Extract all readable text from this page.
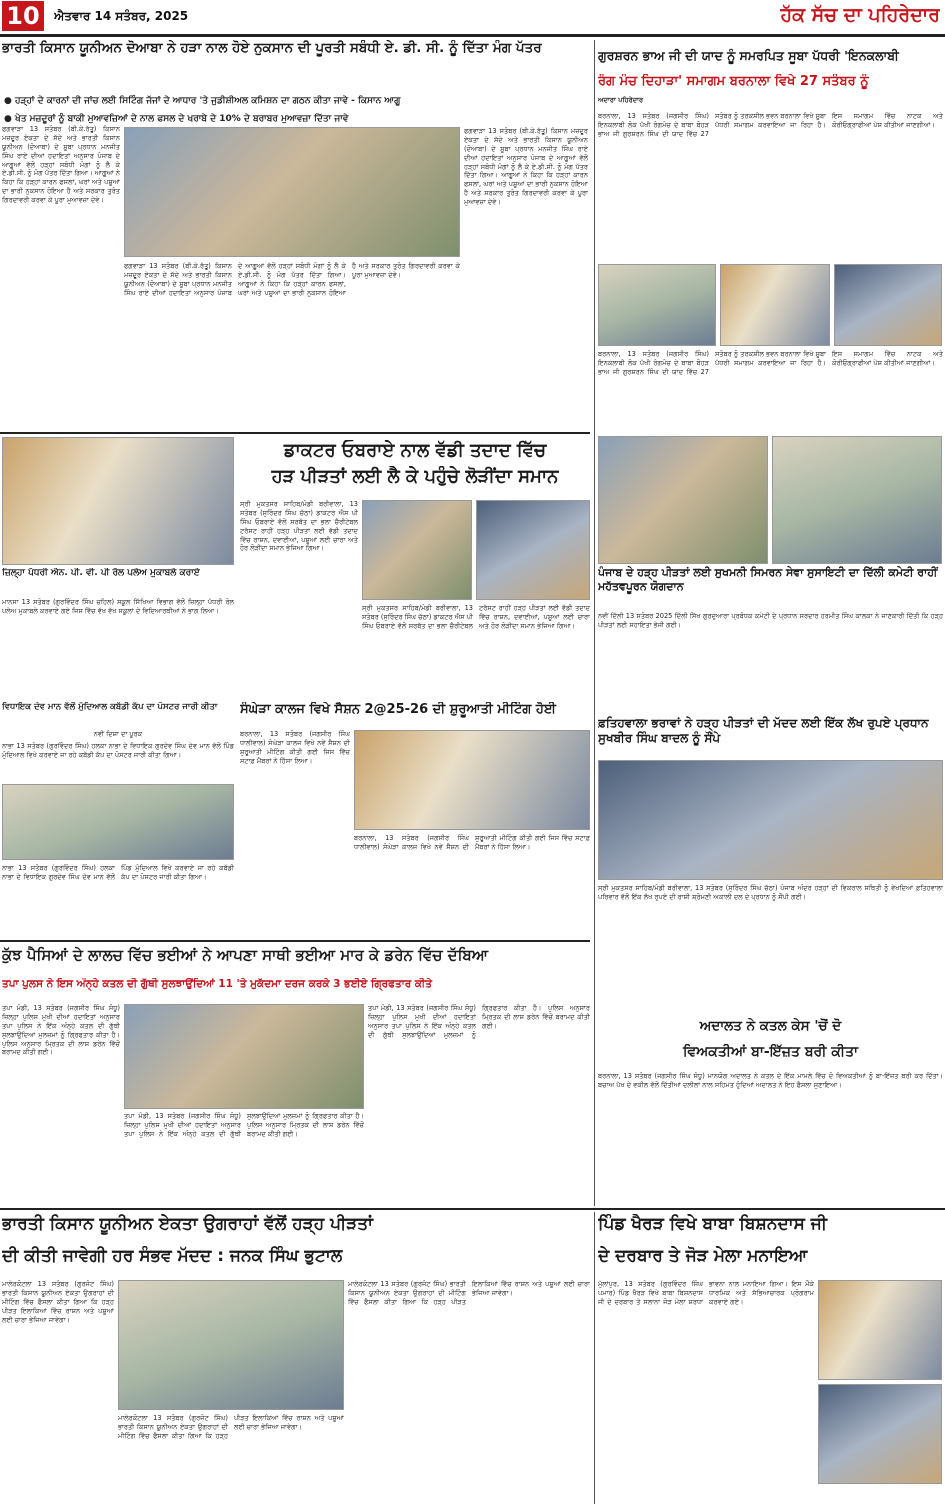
10	ਐਤਵਾਰ 14 ਸਤੰਬਰ, 2025	ਹੱਕ ਸੱਚ ਦਾ ਪਹਿਰੇਦਾਰ
ਭਾਰਤੀ ਕਿਸਾਨ ਯੂਨੀਅਨ ਦੋਆਬਾ ਨੇ ਹੜਾ ਨਾਲ ਹੋਏ ਨੁਕਸਾਨ ਦੀ ਪੂਰਤੀ ਸਬੰਧੀ ਏ. ਡੀ. ਸੀ. ਨੂੰ ਦਿੱਤਾ ਮੰਗ ਪੱਤਰ
● ਹੜ੍ਹਾਂ ਦੇ ਕਾਰਨਾਂ ਦੀ ਜਾਂਚ ਲਈ ਸਿਟਿੰਗ ਜੱਜਾਂ ਦੇ ਆਧਾਰ 'ਤੇ ਜੁਡੀਸ਼ੀਅਲ ਕਮਿਸ਼ਨ ਦਾ ਗਠਨ ਕੀਤਾ ਜਾਵੇ - ਕਿਸਾਨ ਆਗੂ
● ਖੇਤ ਮਜ਼ਦੂਰਾਂ ਨੂੰ ਬਾਕੀ ਮੁਆਵਜ਼ਿਆਂ ਦੇ ਨਾਲ ਫਸਲ ਦੇ ਖਰਾਬੇ ਦੇ 10% ਦੇ ਬਰਾਬਰ ਮੁਆਵਜ਼ਾ ਦਿੱਤਾ ਜਾਵੇ
ਫਗਵਾੜਾ 13 ਸਤੰਬਰ (ਬੀ.ਕੇ.ਰੱਤੂ) ਕਿਸਾਨ ਮਜ਼ਦੂਰ ਏਕਤਾ ਦੇ ਸੱਦੇ ਅਤੇ ਭਾਰਤੀ ਕਿਸਾਨ ਯੂਨੀਅਨ (ਦੋਆਬਾ) ਦੇ ਸੂਬਾ ਪ੍ਰਧਾਨ ਮਨਜੀਤ ਸਿੰਘ ਰਾਏ ਦੀਆਂ ਹਦਾਇਤਾਂ ਅਨੁਸਾਰ ਪੰਜਾਬ ਦੇ ਆਗੂਆਂ ਵੱਲੋਂ ਹੜ੍ਹਾਂ ਸਬੰਧੀ ਮੰਗਾਂ ਨੂੰ ਲੈ ਕੇ ਏ.ਡੀ.ਸੀ. ਨੂੰ ਮੰਗ ਪੱਤਰ ਦਿੱਤਾ ਗਿਆ। ਆਗੂਆਂ ਨੇ ਕਿਹਾ ਕਿ ਹੜ੍ਹਾਂ ਕਾਰਨ ਫਸਲਾਂ, ਘਰਾਂ ਅਤੇ ਪਸ਼ੂਆਂ ਦਾ ਭਾਰੀ ਨੁਕਸਾਨ ਹੋਇਆ ਹੈ ਅਤੇ ਸਰਕਾਰ ਤੁਰੰਤ ਗਿਰਦਾਵਰੀ ਕਰਵਾ ਕੇ ਪੂਰਾ ਮੁਆਵਜ਼ਾ ਦੇਵੇ।
ਫਗਵਾੜਾ 13 ਸਤੰਬਰ (ਬੀ.ਕੇ.ਰੱਤੂ) ਕਿਸਾਨ ਮਜ਼ਦੂਰ ਏਕਤਾ ਦੇ ਸੱਦੇ ਅਤੇ ਭਾਰਤੀ ਕਿਸਾਨ ਯੂਨੀਅਨ (ਦੋਆਬਾ) ਦੇ ਸੂਬਾ ਪ੍ਰਧਾਨ ਮਨਜੀਤ ਸਿੰਘ ਰਾਏ ਦੀਆਂ ਹਦਾਇਤਾਂ ਅਨੁਸਾਰ ਪੰਜਾਬ ਦੇ ਆਗੂਆਂ ਵੱਲੋਂ ਹੜ੍ਹਾਂ ਸਬੰਧੀ ਮੰਗਾਂ ਨੂੰ ਲੈ ਕੇ ਏ.ਡੀ.ਸੀ. ਨੂੰ ਮੰਗ ਪੱਤਰ ਦਿੱਤਾ ਗਿਆ। ਆਗੂਆਂ ਨੇ ਕਿਹਾ ਕਿ ਹੜ੍ਹਾਂ ਕਾਰਨ ਫਸਲਾਂ, ਘਰਾਂ ਅਤੇ ਪਸ਼ੂਆਂ ਦਾ ਭਾਰੀ ਨੁਕਸਾਨ ਹੋਇਆ ਹੈ ਅਤੇ ਸਰਕਾਰ ਤੁਰੰਤ ਗਿਰਦਾਵਰੀ ਕਰਵਾ ਕੇ ਪੂਰਾ ਮੁਆਵਜ਼ਾ ਦੇਵੇ।
ਫਗਵਾੜਾ 13 ਸਤੰਬਰ (ਬੀ.ਕੇ.ਰੱਤੂ) ਕਿਸਾਨ ਮਜ਼ਦੂਰ ਏਕਤਾ ਦੇ ਸੱਦੇ ਅਤੇ ਭਾਰਤੀ ਕਿਸਾਨ ਯੂਨੀਅਨ (ਦੋਆਬਾ) ਦੇ ਸੂਬਾ ਪ੍ਰਧਾਨ ਮਨਜੀਤ ਸਿੰਘ ਰਾਏ ਦੀਆਂ ਹਦਾਇਤਾਂ ਅਨੁਸਾਰ ਪੰਜਾਬ ਦੇ ਆਗੂਆਂ ਵੱਲੋਂ ਹੜ੍ਹਾਂ ਸਬੰਧੀ ਮੰਗਾਂ ਨੂੰ ਲੈ ਕੇ ਏ.ਡੀ.ਸੀ. ਨੂੰ ਮੰਗ ਪੱਤਰ ਦਿੱਤਾ ਗਿਆ। ਆਗੂਆਂ ਨੇ ਕਿਹਾ ਕਿ ਹੜ੍ਹਾਂ ਕਾਰਨ ਫਸਲਾਂ, ਘਰਾਂ ਅਤੇ ਪਸ਼ੂਆਂ ਦਾ ਭਾਰੀ ਨੁਕਸਾਨ ਹੋਇਆ ਹੈ ਅਤੇ ਸਰਕਾਰ ਤੁਰੰਤ ਗਿਰਦਾਵਰੀ ਕਰਵਾ ਕੇ ਪੂਰਾ ਮੁਆਵਜ਼ਾ ਦੇਵੇ।
ਗੁਰਸ਼ਰਨ ਭਾਅ ਜੀ ਦੀ ਯਾਦ ਨੂੰ ਸਮਰਪਿਤ ਸੂਬਾ ਪੱਧਰੀ 'ਇਨਕਲਾਬੀ
ਰੰਗ ਮੰਚ ਦਿਹਾੜਾ' ਸਮਾਗਮ ਬਰਨਾਲਾ ਵਿਖੇ 27 ਸਤੰਬਰ ਨੂੰ
ਅਦਾਰਾ ਪਹਿਰੇਦਾਰ
ਬਰਨਾਲਾ, 13 ਸਤੰਬਰ (ਜਗਸੀਰ ਸਿੰਘ) ਇਨਕਲਾਬੀ ਲੋਕ ਪੱਖੀ ਰੰਗਮੰਚ ਦੇ ਬਾਬਾ ਬੋਹੜ ਭਾਅ ਜੀ ਗੁਰਸ਼ਰਨ ਸਿੰਘ ਦੀ ਯਾਦ ਵਿੱਚ 27 ਸਤੰਬਰ ਨੂੰ ਤਰਕਸ਼ੀਲ ਭਵਨ ਬਰਨਾਲਾ ਵਿਖੇ ਸੂਬਾ ਪੱਧਰੀ ਸਮਾਗਮ ਕਰਵਾਇਆ ਜਾ ਰਿਹਾ ਹੈ। ਇਸ ਸਮਾਗਮ ਵਿੱਚ ਨਾਟਕ ਅਤੇ ਕੋਰੀਓਗ੍ਰਾਫੀਆਂ ਪੇਸ਼ ਕੀਤੀਆਂ ਜਾਣਗੀਆਂ।
ਬਰਨਾਲਾ, 13 ਸਤੰਬਰ (ਜਗਸੀਰ ਸਿੰਘ) ਇਨਕਲਾਬੀ ਲੋਕ ਪੱਖੀ ਰੰਗਮੰਚ ਦੇ ਬਾਬਾ ਬੋਹੜ ਭਾਅ ਜੀ ਗੁਰਸ਼ਰਨ ਸਿੰਘ ਦੀ ਯਾਦ ਵਿੱਚ 27 ਸਤੰਬਰ ਨੂੰ ਤਰਕਸ਼ੀਲ ਭਵਨ ਬਰਨਾਲਾ ਵਿਖੇ ਸੂਬਾ ਪੱਧਰੀ ਸਮਾਗਮ ਕਰਵਾਇਆ ਜਾ ਰਿਹਾ ਹੈ। ਇਸ ਸਮਾਗਮ ਵਿੱਚ ਨਾਟਕ ਅਤੇ ਕੋਰੀਓਗ੍ਰਾਫੀਆਂ ਪੇਸ਼ ਕੀਤੀਆਂ ਜਾਣਗੀਆਂ।
ਜ਼ਿਲ੍ਹਾ ਪੱਧਰੀ ਐਨ. ਪੀ. ਵੀ. ਪੀ ਰੋਲ ਪਲੇਅ ਮੁਕਾਬਲੇ ਕਰਾਏ
ਮਾਨਸਾ 13 ਸਤੰਬਰ (ਗੁਰਵਿੰਦਰ ਸਿੰਘ ਚਹਿਲ) ਸਕੂਲ ਸਿੱਖਿਆ ਵਿਭਾਗ ਵੱਲੋਂ ਜ਼ਿਲ੍ਹਾ ਪੱਧਰੀ ਰੋਲ ਪਲੇਅ ਮੁਕਾਬਲੇ ਕਰਵਾਏ ਗਏ ਜਿਸ ਵਿੱਚ ਵੱਖ ਵੱਖ ਸਕੂਲਾਂ ਦੇ ਵਿਦਿਆਰਥੀਆਂ ਨੇ ਭਾਗ ਲਿਆ।
ਡਾਕਟਰ ਓਬਰਾਏ ਨਾਲ ਵੱਡੀ ਤਦਾਦ ਵਿੱਚ
ਹੜ ਪੀੜਤਾਂ ਲਈ ਲੈ ਕੇ ਪਹੁੰਚੇ ਲੋੜੀਂਦਾ ਸਮਾਨ
ਸ੍ਰੀ ਮੁਕਤਸਰ ਸਾਹਿਬ/ਮੰਡੀ ਬਰੀਵਾਲਾ, 13 ਸਤੰਬਰ (ਸੁਰਿੰਦਰ ਸਿੰਘ ਚੱਠਾ) ਡਾਕਟਰ ਐਸ ਪੀ ਸਿੰਘ ਓਬਰਾਏ ਵੱਲੋਂ ਸਰਬੱਤ ਦਾ ਭਲਾ ਚੈਰੀਟੇਬਲ ਟਰੱਸਟ ਰਾਹੀਂ ਹੜ੍ਹ ਪੀੜਤਾਂ ਲਈ ਵੱਡੀ ਤਦਾਦ ਵਿੱਚ ਰਾਸ਼ਨ, ਦਵਾਈਆਂ, ਪਸ਼ੂਆਂ ਲਈ ਚਾਰਾ ਅਤੇ ਹੋਰ ਲੋੜੀਂਦਾ ਸਮਾਨ ਭੇਜਿਆ ਗਿਆ।
ਸ੍ਰੀ ਮੁਕਤਸਰ ਸਾਹਿਬ/ਮੰਡੀ ਬਰੀਵਾਲਾ, 13 ਸਤੰਬਰ (ਸੁਰਿੰਦਰ ਸਿੰਘ ਚੱਠਾ) ਡਾਕਟਰ ਐਸ ਪੀ ਸਿੰਘ ਓਬਰਾਏ ਵੱਲੋਂ ਸਰਬੱਤ ਦਾ ਭਲਾ ਚੈਰੀਟੇਬਲ ਟਰੱਸਟ ਰਾਹੀਂ ਹੜ੍ਹ ਪੀੜਤਾਂ ਲਈ ਵੱਡੀ ਤਦਾਦ ਵਿੱਚ ਰਾਸ਼ਨ, ਦਵਾਈਆਂ, ਪਸ਼ੂਆਂ ਲਈ ਚਾਰਾ ਅਤੇ ਹੋਰ ਲੋੜੀਂਦਾ ਸਮਾਨ ਭੇਜਿਆ ਗਿਆ।
ਵਿਧਾਇਕ ਦੇਵ ਮਾਨ ਵੱਲੋਂ ਮੁੰਦਿਆਲ ਕਬੱਡੀ ਕੱਪ ਦਾ ਪੋਸਟਰ ਜਾਰੀ ਕੀਤਾ
ਨਵੀਂ ਦਿਸ਼ਾ ਦਾ ਪੂਰਕ
ਨਾਭਾ 13 ਸਤੰਬਰ (ਗੁਰਵਿੰਦਰ ਸਿੰਘ) ਹਲਕਾ ਨਾਭਾ ਦੇ ਵਿਧਾਇਕ ਗੁਰਦੇਵ ਸਿੰਘ ਦੇਵ ਮਾਨ ਵੱਲੋਂ ਪਿੰਡ ਮੁੰਦਿਆਲ ਵਿਖੇ ਕਰਵਾਏ ਜਾ ਰਹੇ ਕਬੱਡੀ ਕੱਪ ਦਾ ਪੋਸਟਰ ਜਾਰੀ ਕੀਤਾ ਗਿਆ।
ਨਾਭਾ 13 ਸਤੰਬਰ (ਗੁਰਵਿੰਦਰ ਸਿੰਘ) ਹਲਕਾ ਨਾਭਾ ਦੇ ਵਿਧਾਇਕ ਗੁਰਦੇਵ ਸਿੰਘ ਦੇਵ ਮਾਨ ਵੱਲੋਂ ਪਿੰਡ ਮੁੰਦਿਆਲ ਵਿਖੇ ਕਰਵਾਏ ਜਾ ਰਹੇ ਕਬੱਡੀ ਕੱਪ ਦਾ ਪੋਸਟਰ ਜਾਰੀ ਕੀਤਾ ਗਿਆ।
ਸੰਘੇੜਾ ਕਾਲਜ ਵਿਖੇ ਸੈਸ਼ਨ 2@25-26 ਦੀ ਸ਼ੁਰੂਆਤੀ ਮੀਟਿੰਗ ਹੋਈ
ਬਰਨਾਲਾ, 13 ਸਤੰਬਰ (ਜਗਸੀਰ ਸਿੰਘ ਧਾਲੀਵਾਲ) ਸੰਘੇੜਾ ਕਾਲਜ ਵਿਖੇ ਨਵੇਂ ਸੈਸ਼ਨ ਦੀ ਸ਼ੁਰੂਆਤੀ ਮੀਟਿੰਗ ਕੀਤੀ ਗਈ ਜਿਸ ਵਿੱਚ ਸਟਾਫ਼ ਮੈਂਬਰਾਂ ਨੇ ਹਿੱਸਾ ਲਿਆ।
ਬਰਨਾਲਾ, 13 ਸਤੰਬਰ (ਜਗਸੀਰ ਸਿੰਘ ਧਾਲੀਵਾਲ) ਸੰਘੇੜਾ ਕਾਲਜ ਵਿਖੇ ਨਵੇਂ ਸੈਸ਼ਨ ਦੀ ਸ਼ੁਰੂਆਤੀ ਮੀਟਿੰਗ ਕੀਤੀ ਗਈ ਜਿਸ ਵਿੱਚ ਸਟਾਫ਼ ਮੈਂਬਰਾਂ ਨੇ ਹਿੱਸਾ ਲਿਆ।
ਪੰਜਾਬ ਦੇ ਹੜ੍ਹ ਪੀੜਤਾਂ ਲਈ ਸੁਖਮਨੀ ਸਿਮਰਨ ਸੇਵਾ ਸੁਸਾਇਟੀ ਦਾ ਦਿੱਲੀ ਕਮੇਟੀ ਰਾਹੀਂ ਮਹੱਤਵਪੂਰਨ ਯੋਗਦਾਨ
ਨਵੀਂ ਦਿੱਲੀ 13 ਸਤੰਬਰ 2025 ਦਿੱਲੀ ਸਿੱਖ ਗੁਰਦੁਆਰਾ ਪ੍ਰਬੰਧਕ ਕਮੇਟੀ ਦੇ ਪ੍ਰਧਾਨ ਸਰਦਾਰ ਹਰਮੀਤ ਸਿੰਘ ਕਾਲਕਾ ਨੇ ਜਾਣਕਾਰੀ ਦਿੱਤੀ ਕਿ ਹੜ੍ਹ ਪੀੜਤਾਂ ਲਈ ਸਹਾਇਤਾ ਭੇਜੀ ਗਈ।
ਫ਼ਤਿਹਵਾਲਾ ਭਰਾਵਾਂ ਨੇ ਹੜ੍ਹ ਪੀੜਤਾਂ ਦੀ ਮੱਦਦ ਲਈ ਇੱਕ ਲੱਖ ਰੁਪਏ ਪ੍ਰਧਾਨ ਸੁਖਬੀਰ ਸਿੰਘ ਬਾਦਲ ਨੂੰ ਸੌਂਪੇ
ਸ੍ਰੀ ਮੁਕਤਸਰ ਸਾਹਿਬ/ਮੰਡੀ ਬਰੀਵਾਲਾ, 13 ਸਤੰਬਰ (ਸੁਰਿੰਦਰ ਸਿੰਘ ਚੱਠਾ) ਪੰਜਾਬ ਅੰਦਰ ਹੜ੍ਹਾਂ ਦੀ ਵਿਕਰਾਲ ਸਥਿਤੀ ਨੂੰ ਵੇਖਦਿਆਂ ਫ਼ਤਿਹਵਾਲਾ ਪਰਿਵਾਰ ਵੱਲੋਂ ਇੱਕ ਲੱਖ ਰੁਪਏ ਦੀ ਰਾਸ਼ੀ ਸ਼੍ਰੋਮਣੀ ਅਕਾਲੀ ਦਲ ਦੇ ਪ੍ਰਧਾਨ ਨੂੰ ਸੌਂਪੀ ਗਈ।
ਕੁੱਝ ਪੈਸਿਆਂ ਦੇ ਲਾਲਚ ਵਿੱਚ ਭਈਆਂ ਨੇ ਆਪਣਾ ਸਾਥੀ ਭਈਆ ਮਾਰ ਕੇ ਡਰੇਨ ਵਿੱਚ ਦੱਬਿਆ
ਤਪਾ ਪੁਲਸ ਨੇ ਇਸ ਅੰਨ੍ਹੇ ਕਤਲ ਦੀ ਗੁੱਥੀ ਸੁਲਝਾਉਂਦਿਆਂ 11 'ਤੇ ਮੁਕੱਦਮਾ ਦਰਜ ਕਰਕੇ 3 ਭਈਏ ਗ੍ਰਿਫਤਾਰ ਕੀਤੇ
ਤਪਾ ਮੰਡੀ, 13 ਸਤੰਬਰ (ਜਗਸੀਰ ਸਿੰਘ ਸੰਧੂ) ਜ਼ਿਲ੍ਹਾ ਪੁਲਿਸ ਮੁਖੀ ਦੀਆਂ ਹਦਾਇਤਾਂ ਅਨੁਸਾਰ ਤਪਾ ਪੁਲਿਸ ਨੇ ਇੱਕ ਅੰਨ੍ਹੇ ਕਤਲ ਦੀ ਗੁੱਥੀ ਸੁਲਝਾਉਂਦਿਆਂ ਮੁਲਜ਼ਮਾਂ ਨੂੰ ਗ੍ਰਿਫਤਾਰ ਕੀਤਾ ਹੈ। ਪੁਲਿਸ ਅਨੁਸਾਰ ਮ੍ਰਿਤਕ ਦੀ ਲਾਸ਼ ਡਰੇਨ ਵਿੱਚੋਂ ਬਰਾਮਦ ਕੀਤੀ ਗਈ।
ਤਪਾ ਮੰਡੀ, 13 ਸਤੰਬਰ (ਜਗਸੀਰ ਸਿੰਘ ਸੰਧੂ) ਜ਼ਿਲ੍ਹਾ ਪੁਲਿਸ ਮੁਖੀ ਦੀਆਂ ਹਦਾਇਤਾਂ ਅਨੁਸਾਰ ਤਪਾ ਪੁਲਿਸ ਨੇ ਇੱਕ ਅੰਨ੍ਹੇ ਕਤਲ ਦੀ ਗੁੱਥੀ ਸੁਲਝਾਉਂਦਿਆਂ ਮੁਲਜ਼ਮਾਂ ਨੂੰ ਗ੍ਰਿਫਤਾਰ ਕੀਤਾ ਹੈ। ਪੁਲਿਸ ਅਨੁਸਾਰ ਮ੍ਰਿਤਕ ਦੀ ਲਾਸ਼ ਡਰੇਨ ਵਿੱਚੋਂ ਬਰਾਮਦ ਕੀਤੀ ਗਈ।
ਤਪਾ ਮੰਡੀ, 13 ਸਤੰਬਰ (ਜਗਸੀਰ ਸਿੰਘ ਸੰਧੂ) ਜ਼ਿਲ੍ਹਾ ਪੁਲਿਸ ਮੁਖੀ ਦੀਆਂ ਹਦਾਇਤਾਂ ਅਨੁਸਾਰ ਤਪਾ ਪੁਲਿਸ ਨੇ ਇੱਕ ਅੰਨ੍ਹੇ ਕਤਲ ਦੀ ਗੁੱਥੀ ਸੁਲਝਾਉਂਦਿਆਂ ਮੁਲਜ਼ਮਾਂ ਨੂੰ ਗ੍ਰਿਫਤਾਰ ਕੀਤਾ ਹੈ। ਪੁਲਿਸ ਅਨੁਸਾਰ ਮ੍ਰਿਤਕ ਦੀ ਲਾਸ਼ ਡਰੇਨ ਵਿੱਚੋਂ ਬਰਾਮਦ ਕੀਤੀ ਗਈ।
ਅਦਾਲਤ ਨੇ ਕਤਲ ਕੇਸ 'ਚੋਂ ਦੋ
ਵਿਅਕਤੀਆਂ ਬਾ-ਇੱਜ਼ਤ ਬਰੀ ਕੀਤਾ
ਬਰਨਾਲਾ, 13 ਸਤੰਬਰ (ਜਗਸੀਰ ਸਿੰਘ ਸੰਧੂ) ਮਾਨਯੋਗ ਅਦਾਲਤ ਨੇ ਕਤਲ ਦੇ ਇੱਕ ਮਾਮਲੇ ਵਿੱਚ ਦੋ ਵਿਅਕਤੀਆਂ ਨੂੰ ਬਾ-ਇੱਜ਼ਤ ਬਰੀ ਕਰ ਦਿੱਤਾ। ਬਚਾਅ ਪੱਖ ਦੇ ਵਕੀਲ ਵੱਲੋਂ ਦਿੱਤੀਆਂ ਦਲੀਲਾਂ ਨਾਲ ਸਹਿਮਤ ਹੁੰਦਿਆਂ ਅਦਾਲਤ ਨੇ ਇਹ ਫੈਸਲਾ ਸੁਣਾਇਆ।
ਭਾਰਤੀ ਕਿਸਾਨ ਯੂਨੀਅਨ ਏਕਤਾ ਉਗਰਾਹਾਂ ਵੱਲੋਂ ਹੜ੍ਹ ਪੀੜਤਾਂ
ਦੀ ਕੀਤੀ ਜਾਵੇਗੀ ਹਰ ਸੰਭਵ ਮੱਦਦ : ਜਨਕ ਸਿੰਘ ਭੁਟਾਲ
ਮਾਲੇਰਕੋਟਲਾ 13 ਸਤੰਬਰ (ਗੁਰਜੰਟ ਸਿੰਘ) ਭਾਰਤੀ ਕਿਸਾਨ ਯੂਨੀਅਨ ਏਕਤਾ ਉਗਰਾਹਾਂ ਦੀ ਮੀਟਿੰਗ ਵਿੱਚ ਫੈਸਲਾ ਕੀਤਾ ਗਿਆ ਕਿ ਹੜ੍ਹ ਪੀੜਤ ਇਲਾਕਿਆਂ ਵਿੱਚ ਰਾਸ਼ਨ ਅਤੇ ਪਸ਼ੂਆਂ ਲਈ ਚਾਰਾ ਭੇਜਿਆ ਜਾਵੇਗਾ।
ਮਾਲੇਰਕੋਟਲਾ 13 ਸਤੰਬਰ (ਗੁਰਜੰਟ ਸਿੰਘ) ਭਾਰਤੀ ਕਿਸਾਨ ਯੂਨੀਅਨ ਏਕਤਾ ਉਗਰਾਹਾਂ ਦੀ ਮੀਟਿੰਗ ਵਿੱਚ ਫੈਸਲਾ ਕੀਤਾ ਗਿਆ ਕਿ ਹੜ੍ਹ ਪੀੜਤ ਇਲਾਕਿਆਂ ਵਿੱਚ ਰਾਸ਼ਨ ਅਤੇ ਪਸ਼ੂਆਂ ਲਈ ਚਾਰਾ ਭੇਜਿਆ ਜਾਵੇਗਾ।
ਮਾਲੇਰਕੋਟਲਾ 13 ਸਤੰਬਰ (ਗੁਰਜੰਟ ਸਿੰਘ) ਭਾਰਤੀ ਕਿਸਾਨ ਯੂਨੀਅਨ ਏਕਤਾ ਉਗਰਾਹਾਂ ਦੀ ਮੀਟਿੰਗ ਵਿੱਚ ਫੈਸਲਾ ਕੀਤਾ ਗਿਆ ਕਿ ਹੜ੍ਹ ਪੀੜਤ ਇਲਾਕਿਆਂ ਵਿੱਚ ਰਾਸ਼ਨ ਅਤੇ ਪਸ਼ੂਆਂ ਲਈ ਚਾਰਾ ਭੇਜਿਆ ਜਾਵੇਗਾ।
ਪਿੰਡ ਖੈਰੜ ਵਿਖੇ ਬਾਬਾ ਬਿਸ਼ਨਦਾਸ ਜੀ
ਦੇ ਦਰਬਾਰ ਤੇ ਜੋੜ ਮੇਲਾ ਮਨਾਇਆ
ਮੁੱਲਾਂਪੁਰ, 13 ਸਤੰਬਰ (ਗੁਰਵਿੰਦਰ ਸਿੰਘ ਪਮਾਰ) ਪਿੰਡ ਖੈਰੜ ਵਿਖੇ ਬਾਬਾ ਬਿਸ਼ਨਦਾਸ ਜੀ ਦੇ ਦਰਬਾਰ ਤੇ ਸਲਾਨਾ ਜੋੜ ਮੇਲਾ ਸ਼ਰਧਾ ਭਾਵਨਾ ਨਾਲ ਮਨਾਇਆ ਗਿਆ। ਇਸ ਮੌਕੇ ਧਾਰਮਿਕ ਅਤੇ ਸੱਭਿਆਚਾਰਕ ਪ੍ਰੋਗਰਾਮ ਕਰਵਾਏ ਗਏ।
